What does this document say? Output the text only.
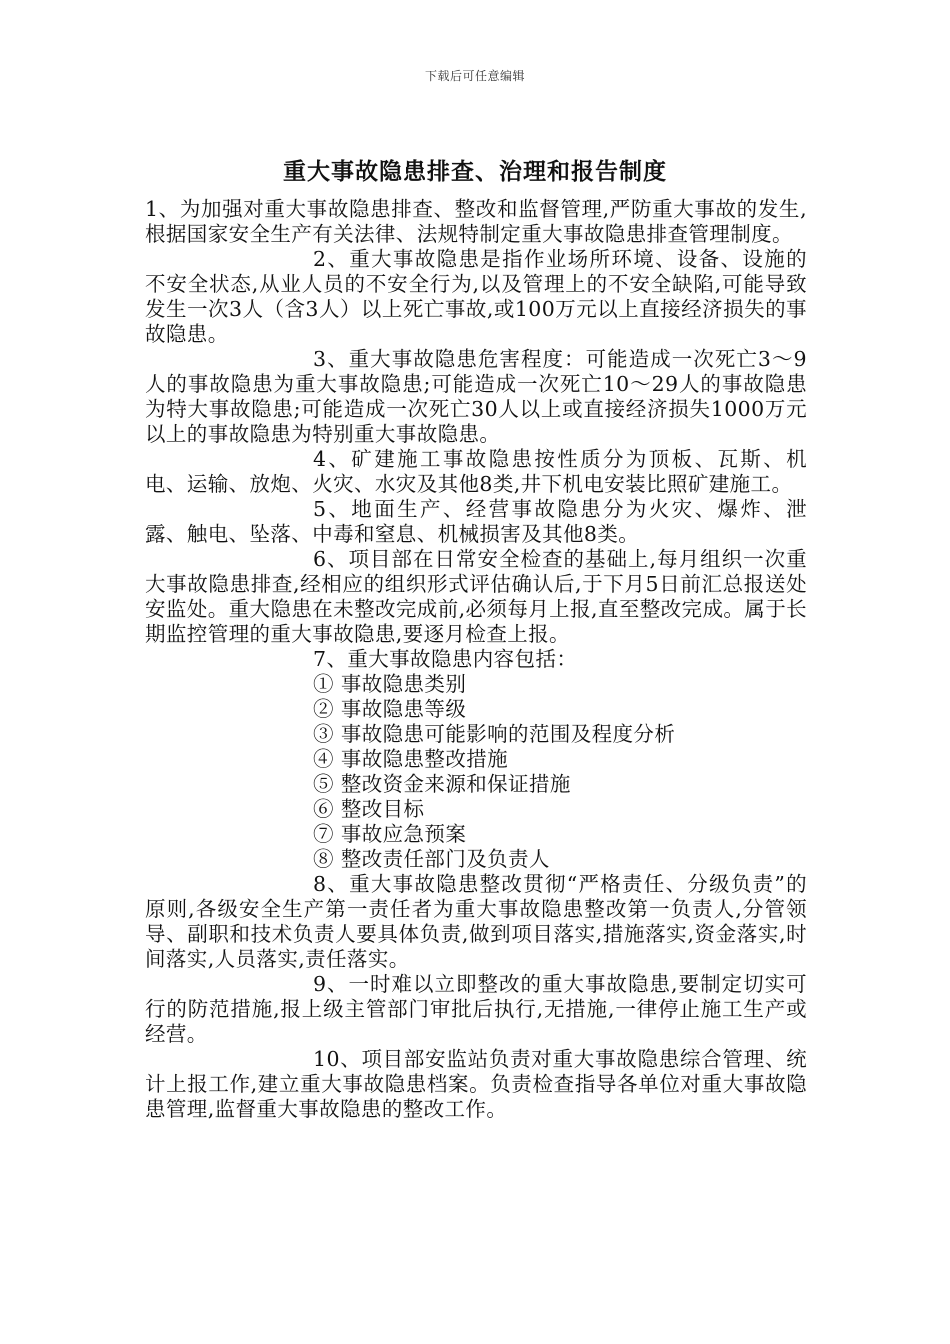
下载后可任意编辑
重大事故隐患排查、治理和报告制度

1、为加强对重大事故隐患排查、整改和监督管理,严防重大事故的发生,根据国家安全生产有关法律、法规特制定重大事故隐患排查管理制度。

2、重大事故隐患是指作业场所环境、设备、设施的不安全状态,从业人员的不安全行为,以及管理上的不安全缺陷,可能导致发生一次3人（含3人）以上死亡事故,或100万元以上直接经济损失的事故隐患。

3、重大事故隐患危害程度：可能造成一次死亡3～9人的事故隐患为重大事故隐患;可能造成一次死亡10～29人的事故隐患为特大事故隐患;可能造成一次死亡30人以上或直接经济损失1000万元以上的事故隐患为特别重大事故隐患。

4、矿建施工事故隐患按性质分为顶板、瓦斯、机电、运输、放炮、火灾、水灾及其他8类,井下机电安装比照矿建施工。

5、地面生产、经营事故隐患分为火灾、爆炸、泄露、触电、坠落、中毒和窒息、机械损害及其他8类。

6、项目部在日常安全检查的基础上,每月组织一次重大事故隐患排查,经相应的组织形式评估确认后,于下月5日前汇总报送处安监处。重大隐患在未整改完成前,必须每月上报,直至整改完成。属于长期监控管理的重大事故隐患,要逐月检查上报。

7、重大事故隐患内容包括：

① 事故隐患类别

② 事故隐患等级

③ 事故隐患可能影响的范围及程度分析

④ 事故隐患整改措施

⑤ 整改资金来源和保证措施

⑥ 整改目标

⑦ 事故应急预案

⑧ 整改责任部门及负责人

8、重大事故隐患整改贯彻“严格责任、分级负责”的原则,各级安全生产第一责任者为重大事故隐患整改第一负责人,分管领导、副职和技术负责人要具体负责,做到项目落实,措施落实,资金落实,时间落实,人员落实,责任落实。

9、一时难以立即整改的重大事故隐患,要制定切实可行的防范措施,报上级主管部门审批后执行,无措施,一律停止施工生产或经营。

10、项目部安监站负责对重大事故隐患综合管理、统计上报工作,建立重大事故隐患档案。负责检查指导各单位对重大事故隐患管理,监督重大事故隐患的整改工作。
